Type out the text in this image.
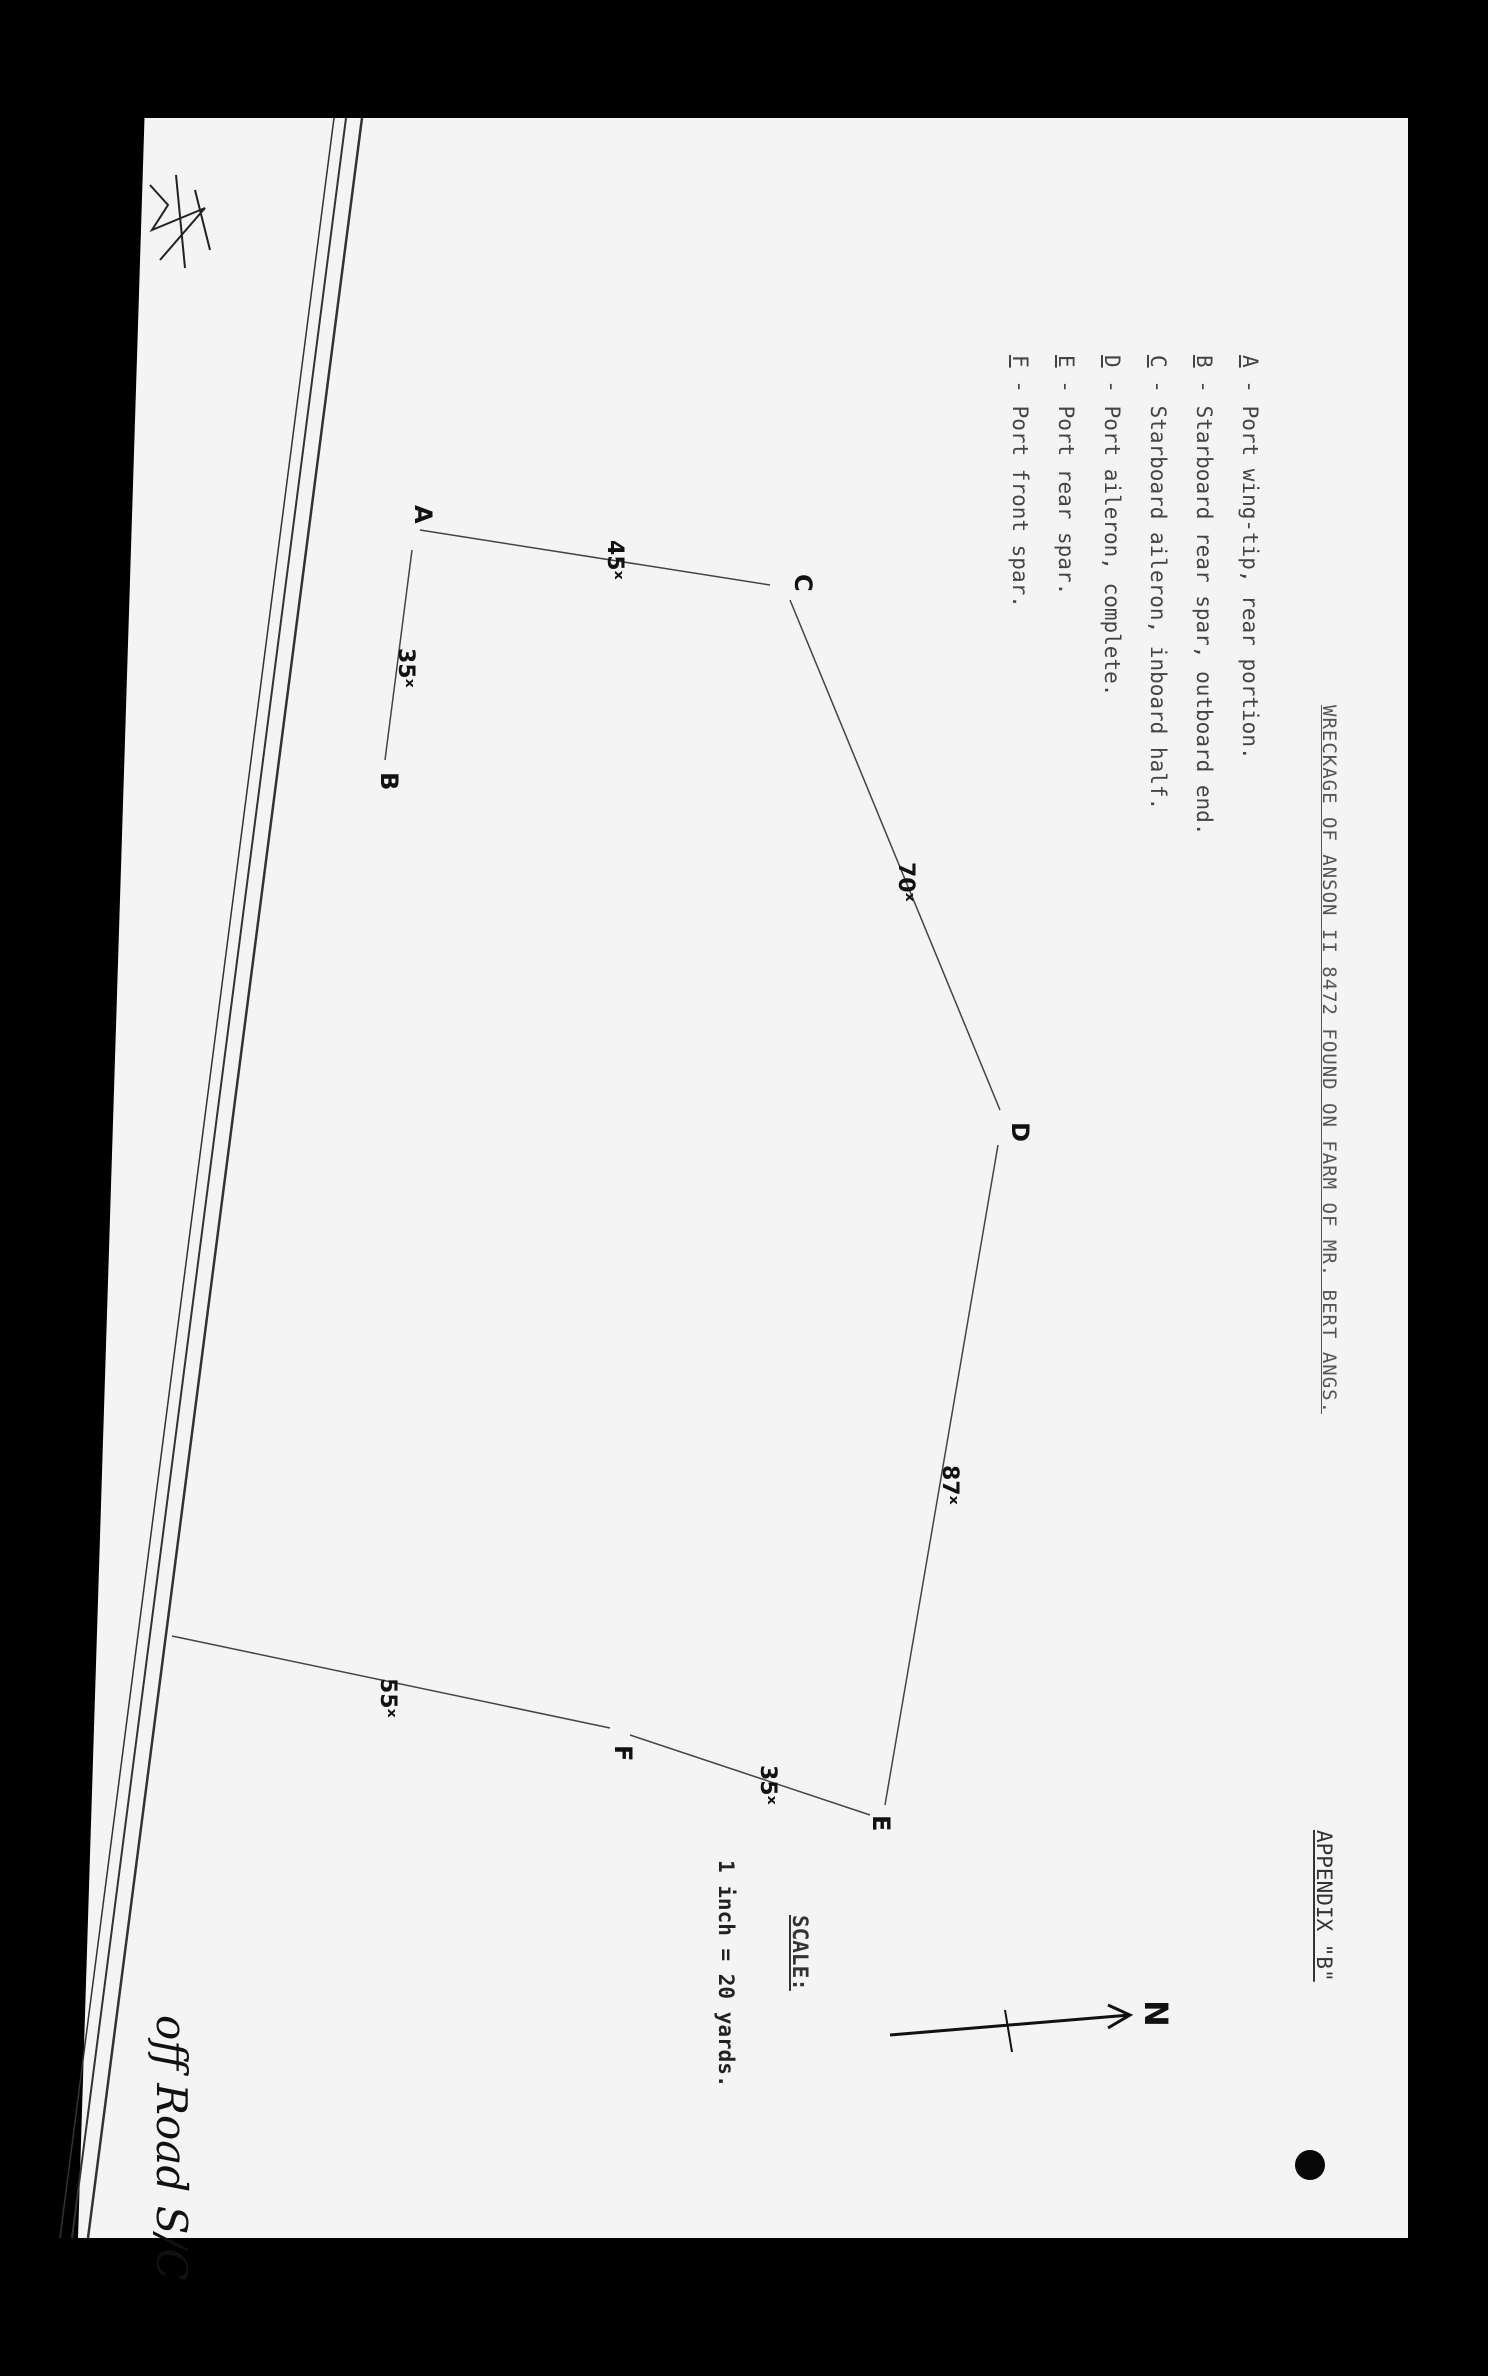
WRECKAGE OF ANSON II 8472 FOUND ON FARM OF MR. BERT ANGS.
APPENDIX "B"
A - Port wing-tip, rear portion.
B - Starboard rear spar, outboard end.
C - Starboard aileron, inboard half.
D - Port aileron, complete.
E - Port rear spar.
F - Port front spar.
SCALE:
1 inch = 20 yards.	N
A
B
C
D
E
F
45ˣ
35ˣ
70ˣ
87ˣ
35ˣ
55ˣ
off Road S/C
